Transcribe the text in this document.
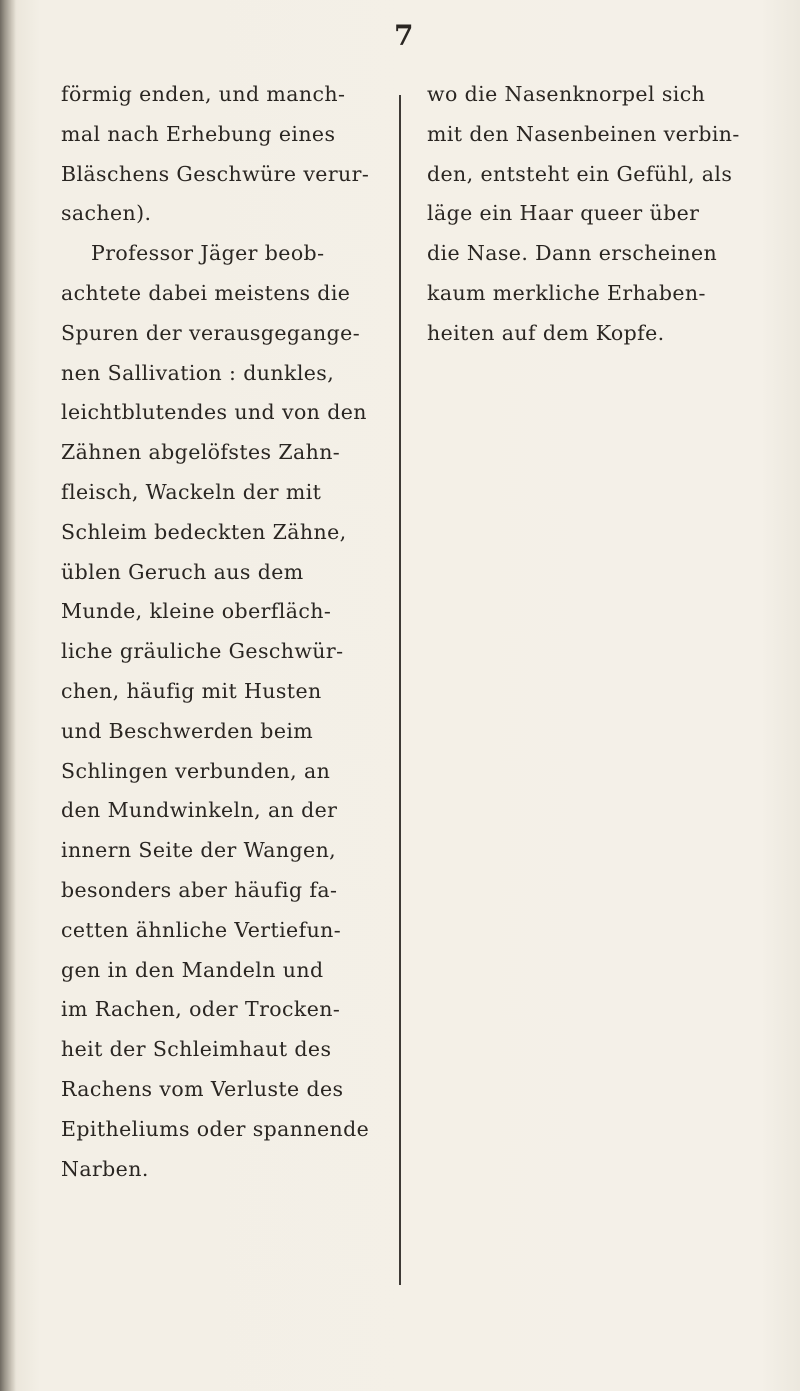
7
förmig enden, und manch-
mal nach Erhebung eines
Bläschens Geschwüre verur-
sachen).
Professor Jäger beob-
achtete dabei meistens die
Spuren der verausgegange-
nen Sallivation : dunkles,
leichtblutendes und von den
Zähnen abgelöfstes Zahn-
fleisch, Wackeln der mit
Schleim bedeckten Zähne,
üblen Geruch aus dem
Munde, kleine oberfläch-
liche gräuliche Geschwür-
chen, häufig mit Husten
und Beschwerden beim
Schlingen verbunden, an
den Mundwinkeln, an der
innern Seite der Wangen,
besonders aber häufig fa-
cetten ähnliche Vertiefun-
gen in den Mandeln und
im Rachen, oder Trocken-
heit der Schleimhaut des
Rachens vom Verluste des
Epitheliums oder spannende
Narben.
wo die Nasenknorpel sich
mit den Nasenbeinen verbin-
den, entsteht ein Gefühl, als
läge ein Haar queer über
die Nase. Dann erscheinen
kaum merkliche Erhaben-
heiten auf dem Kopfe.
